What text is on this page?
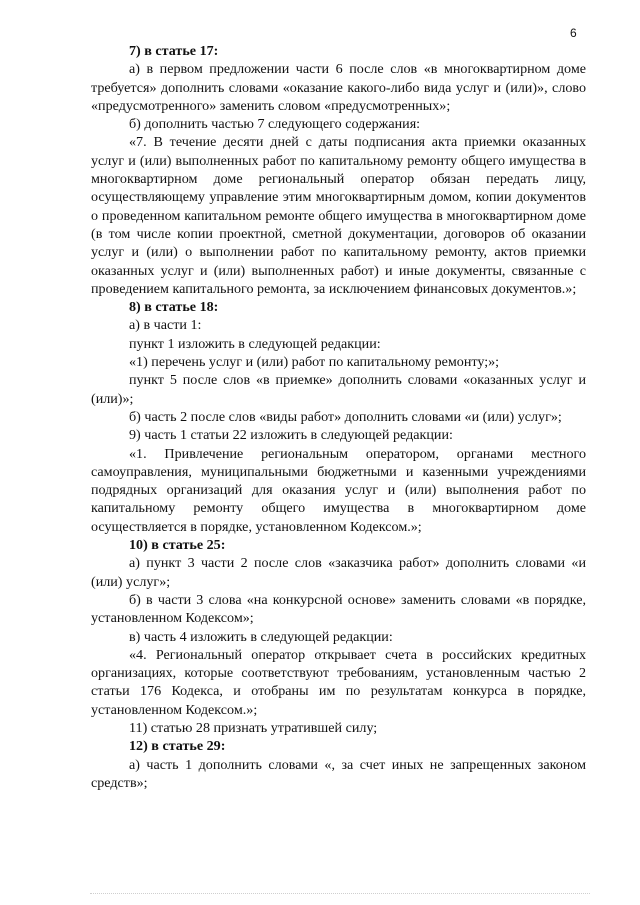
6

7) в статье 17:

а) в первом предложении части 6 после слов «в многоквартирном доме требуется» дополнить словами «оказание какого-либо вида услуг и (или)», слово «предусмотренного» заменить словом «предусмотренных»;

б) дополнить частью 7 следующего содержания:

«7. В течение десяти дней с даты подписания акта приемки оказанных услуг и (или) выполненных работ по капитальному ремонту общего имущества в многоквартирном доме региональный оператор обязан передать лицу, осуществляющему управление этим многоквартирным домом, копии документов о проведенном капитальном ремонте общего имущества в многоквартирном доме (в том числе копии проектной, сметной документации, договоров об оказании услуг и (или) о выполнении работ по капитальному ремонту, актов приемки оказанных услуг и (или) выполненных работ) и иные документы, связанные с проведением капитального ремонта, за исключением финансовых документов.»;

8) в статье 18:

а) в части 1:

пункт 1 изложить в следующей редакции:

«1) перечень услуг и (или) работ по капитальному ремонту;»;

пункт 5 после слов «в приемке» дополнить словами «оказанных услуг и (или)»;

б) часть 2 после слов «виды работ» дополнить словами «и (или) услуг»;

9) часть 1 статьи 22 изложить в следующей редакции:

«1. Привлечение региональным оператором, органами местного самоуправления, муниципальными бюджетными и казенными учреждениями подрядных организаций для оказания услуг и (или) выполнения работ по капитальному ремонту общего имущества в многоквартирном доме осуществляется в порядке, установленном Кодексом.»;

10) в статье 25:

а) пункт 3 части 2 после слов «заказчика работ» дополнить словами «и (или) услуг»;

б) в части 3 слова «на конкурсной основе» заменить словами «в порядке, установленном Кодексом»;

в) часть 4 изложить в следующей редакции:

«4. Региональный оператор открывает счета в российских кредитных организациях, которые соответствуют требованиям, установленным частью 2 статьи 176 Кодекса, и отобраны им по результатам конкурса в порядке, установленном Кодексом.»;

11) статью 28 признать утратившей силу;

12) в статье 29:

а) часть 1 дополнить словами «, за счет иных не запрещенных законом средств»;
